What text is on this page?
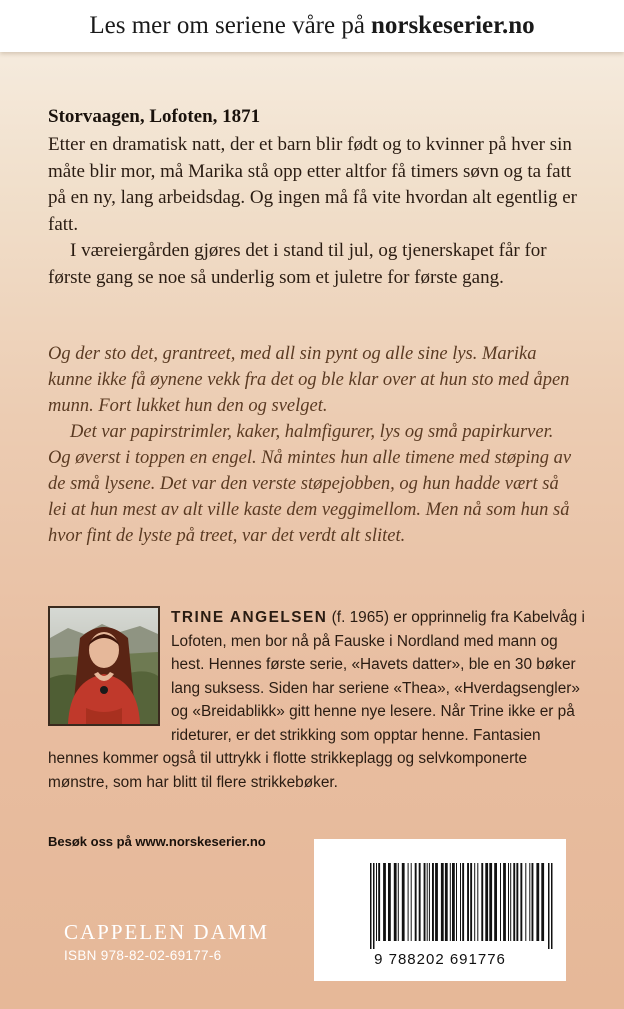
Les mer om seriene våre på norskeserier.no
Storvaagen, Lofoten, 1871

Etter en dramatisk natt, der et barn blir født og to kvinner på hver sin måte blir mor, må Marika stå opp etter altfor få timers søvn og ta fatt på en ny, lang arbeidsdag. Og ingen må få vite hvordan alt egentlig er fatt.

I væreiergården gjøres det i stand til jul, og tjenerskapet får for første gang se noe så underlig som et juletre for første gang.

Og der sto det, grantreet, med all sin pynt og alle sine lys. Marika kunne ikke få øynene vekk fra det og ble klar over at hun sto med åpen munn. Fort lukket hun den og svelget.

Det var papirstrimler, kaker, halmfigurer, lys og små papirkurver. Og øverst i toppen en engel. Nå mintes hun alle timene med støping av de små lysene. Det var den verste støpejobben, og hun hadde vært så lei at hun mest av alt ville kaste dem veggimellom. Men nå som hun så hvor fint de lyste på treet, var det verdt alt slitet.

TRINE ANGELSEN (f. 1965) er opprinnelig fra Kabelvåg i Lofoten, men bor nå på Fauske i Nordland med mann og hest. Hennes første serie, «Havets datter», ble en 30 bøker lang suksess. Siden har seriene «Thea», «Hverdagsengler» og «Breidablikk» gitt henne nye lesere. Når Trine ikke er på rideturer, er det strikking som opptar henne. Fantasien hennes kommer også til uttrykk i flotte strikkeplagg og selvkomponerte mønstre, som har blitt til flere strikkebøker.
Besøk oss på www.norskeserier.no
CAPPELEN DAMM
ISBN 978-82-02-69177-6	9 788202 691776
